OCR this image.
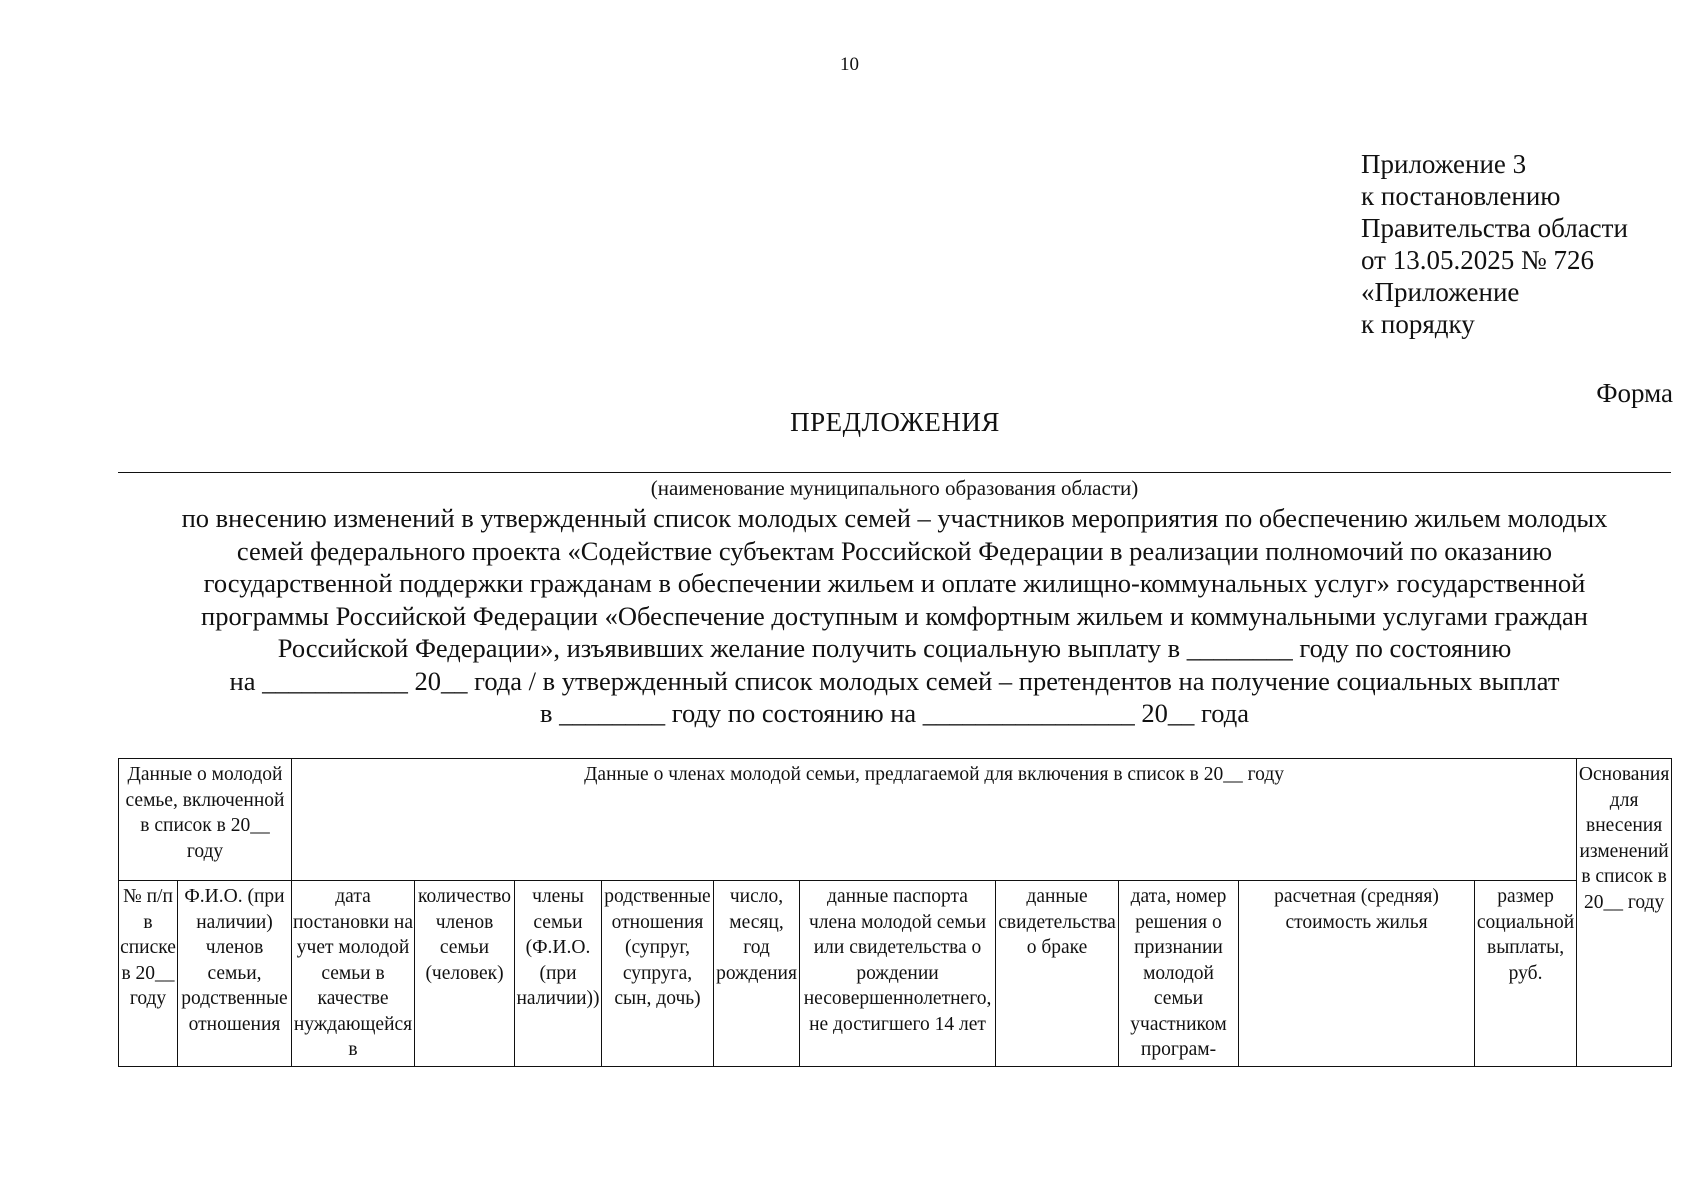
10
Приложение 3
к постановлению
Правительства области
от 13.05.2025 № 726
«Приложение
к порядку
Форма
ПРЕДЛОЖЕНИЯ
(наименование муниципального образования области)
по внесению изменений в утвержденный список молодых семей – участников мероприятия по обеспечению жильем молодых
семей федерального проекта «Содействие субъектам Российской Федерации в реализации полномочий по оказанию
государственной поддержки гражданам в обеспечении жильем и оплате жилищно-коммунальных услуг» государственной
программы Российской Федерации «Обеспечение доступным и комфортным жильем и коммунальными услугами граждан
Российской Федерации», изъявивших желание получить социальную выплату в ________ году по состоянию
на ___________ 20__ года / в утвержденный список молодых семей – претендентов на получение социальных выплат
в ________ году по состоянию на ________________ 20__ года
Данные о молодой семье, включенной в список в 20__ году		Данные о членах молодой семьи, предлагаемой для включения в список в 20__ году										Основания для внесения изменений в список в 20__ году
№ п/п в списке в 20__ году	Ф.И.О. (при наличии) членов семьи, родственные отношения	дата постановки на учет молодой семьи в качестве нуждающейся в	количество членов семьи (человек)	члены семьи (Ф.И.О. (при наличии))	родственные отношения (супруг, супруга, сын, дочь)	число, месяц, год рождения	данные паспорта члена молодой семьи или свидетельства о рождении несовершеннолетнего, не достигшего 14 лет	данные свидетельства о браке	дата, номер решения о признании молодой семьи участником програм-	расчетная (средняя) стоимость жилья	размер социальной выплаты, руб.	
